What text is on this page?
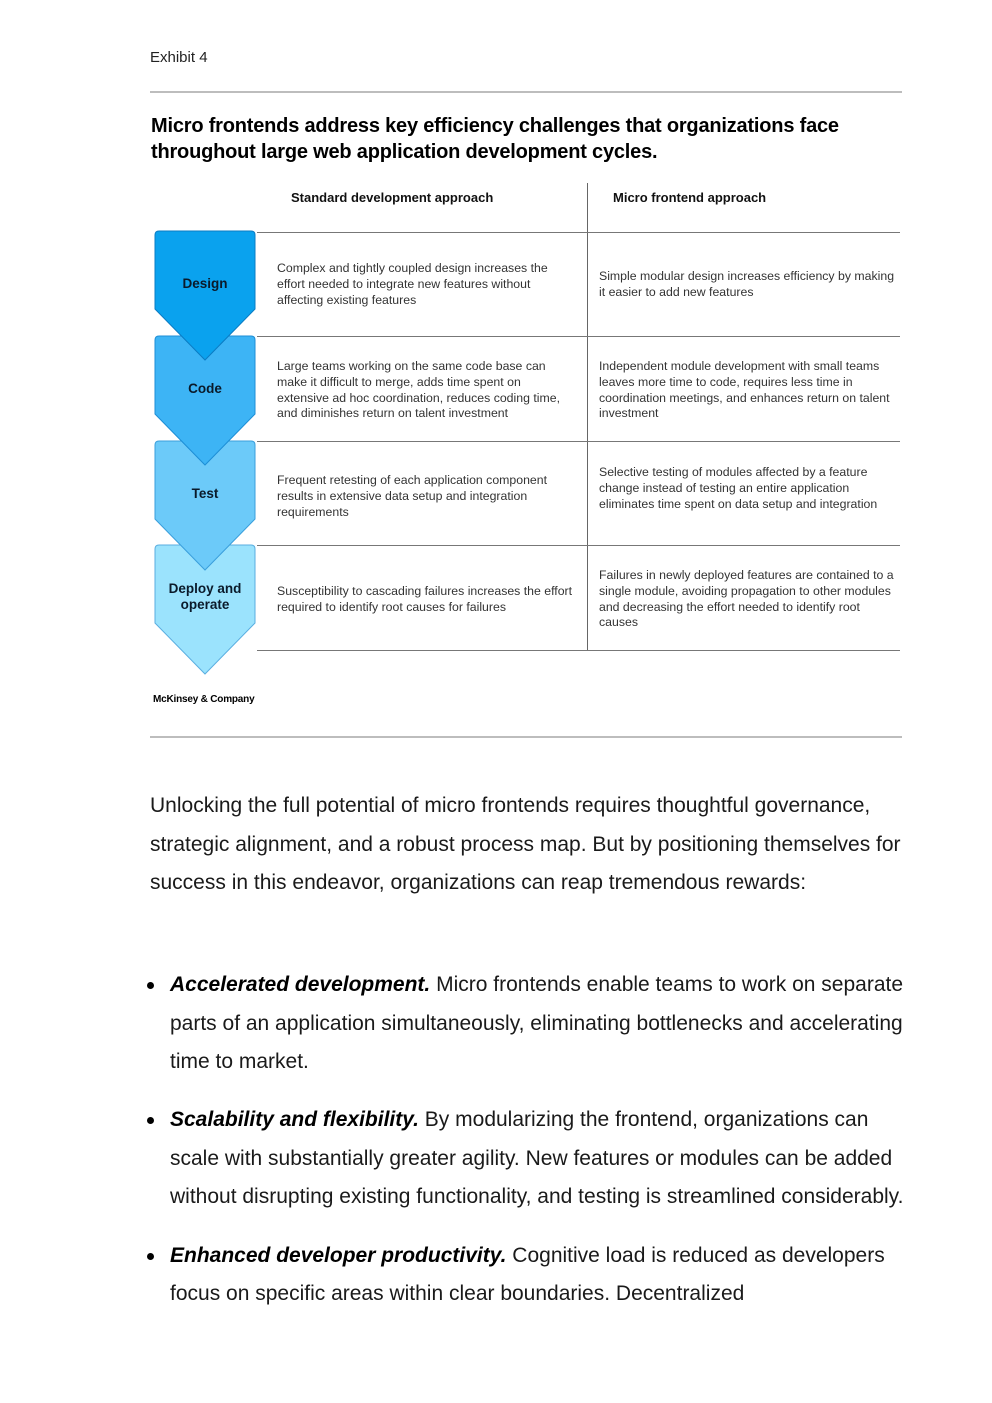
Exhibit 4
Micro frontends address key efficiency challenges that organizations face throughout large web application development cycles.
Standard development approach	Micro frontend approach
Design
Code
Test
Deploy and operate
Complex and tightly coupled design increases the effort needed to integrate new features without affecting existing features
Simple modular design increases efficiency by making it easier to add new features
Large teams working on the same code base can make it difficult to merge, adds time spent on extensive ad hoc coordination, reduces coding time, and diminishes return on talent investment
Independent module development with small teams leaves more time to code, requires less time in coordination meetings, and enhances return on talent investment
Frequent retesting of each application component results in extensive data setup and integration requirements
Selective testing of modules affected by a feature change instead of testing an entire application eliminates time spent on data setup and integration
Susceptibility to cascading failures increases the effort required to identify root causes for failures
Failures in newly deployed features are contained to a single module, avoiding propagation to other modules and decreasing the effort needed to identify root causes
McKinsey & Company

Unlocking the full potential of micro frontends requires thoughtful governance, strategic alignment, and a robust process map. But by positioning themselves for success in this endeavor, organizations can reap tremendous rewards:

Accelerated development. Micro frontends enable teams to work on separate parts of an application simultaneously, eliminating bottlenecks and accelerating time to market.
Scalability and flexibility. By modularizing the frontend, organizations can scale with substantially greater agility. New features or modules can be added without disrupting existing functionality, and testing is streamlined considerably.
Enhanced developer productivity. Cognitive load is reduced as developers focus on specific areas within clear boundaries. Decentralized
